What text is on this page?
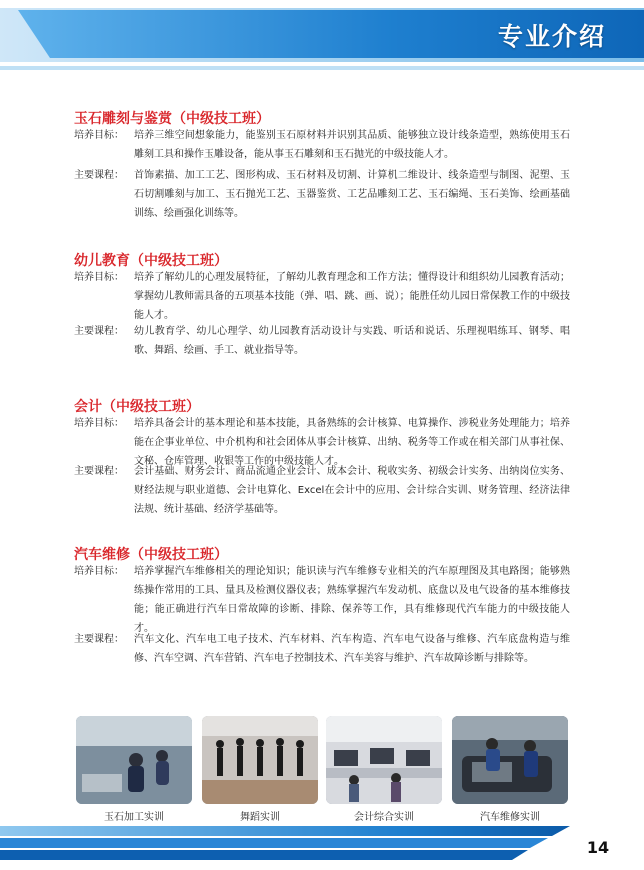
专业介绍
玉石雕刻与鉴赏（中级技工班）
培养目标：	培养三维空间想象能力，能鉴别玉石原材料并识别其品质、能够独立设计线条造型，熟练使用玉石雕刻工具和操作玉雕设备，能从事玉石雕刻和玉石抛光的中级技能人才。
主要课程：	首饰素描、加工工艺、图形构成、玉石材料及切割、计算机二维设计、线条造型与制图、泥塑、玉石切割雕刻与加工、玉石抛光工艺、玉器鉴赏、工艺品雕刻工艺、玉石编绳、玉石美饰、绘画基础训练、绘画强化训练等。
幼儿教育（中级技工班）
培养目标：	培养了解幼儿的心理发展特征，了解幼儿教育理念和工作方法；懂得设计和组织幼儿园教育活动；掌握幼儿教师需具备的五项基本技能（弹、唱、跳、画、说）；能胜任幼儿园日常保教工作的中级技能人才。
主要课程：	幼儿教育学、幼儿心理学、幼儿园教育活动设计与实践、听话和说话、乐理视唱练耳、钢琴、唱歌、舞蹈、绘画、手工、就业指导等。
会计（中级技工班）
培养目标：	培养具备会计的基本理论和基本技能，具备熟练的会计核算、电算操作、涉税业务处理能力；培养能在企事业单位、中介机构和社会团体从事会计核算、出纳、税务等工作或在相关部门从事社保、文秘、仓库管理、收银等工作的中级技能人才。
主要课程：	会计基础、财务会计、商品流通企业会计、成本会计、税收实务、初级会计实务、出纳岗位实务、财经法规与职业道德、会计电算化、Excel在会计中的应用、会计综合实训、财务管理、经济法律法规、统计基础、经济学基础等。
汽车维修（中级技工班）
培养目标：	培养掌握汽车维修相关的理论知识；能识读与汽车维修专业相关的汽车原理图及其电路图；能够熟练操作常用的工具、量具及检测仪器仪表；熟练掌握汽车发动机、底盘以及电气设备的基本维修技能；能正确进行汽车日常故障的诊断、排除、保养等工作，具有维修现代汽车能力的中级技能人才。
主要课程：	汽车文化、汽车电工电子技术、汽车材料、汽车构造、汽车电气设备与维修、汽车底盘构造与维修、汽车空调、汽车营销、汽车电子控制技术、汽车美容与维护、汽车故障诊断与排除等。
玉石加工实训	舞蹈实训	会计综合实训	汽车维修实训
14
